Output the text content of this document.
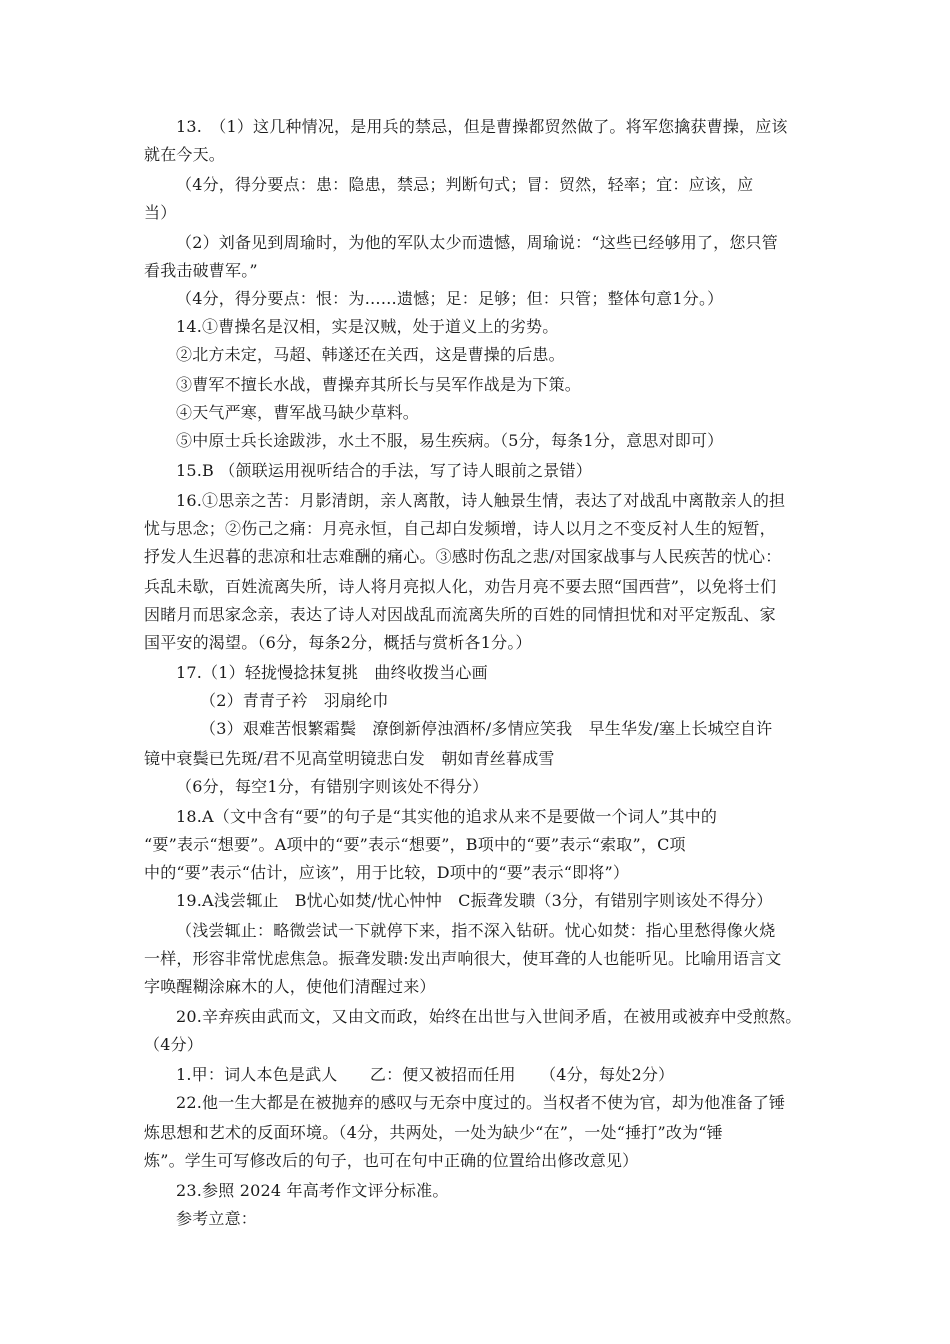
13.　（1）这几种情况，是用兵的禁忌，但是曹操都贸然做了。将军您擒获曹操，应该
就在今天。
（4分，得分要点：患：隐患，禁忌；判断句式；冒：贸然，轻率；宜：应该，应
当）
（2）刘备见到周瑜时，为他的军队太少而遗憾，周瑜说：“这些已经够用了，您只管
看我击破曹军。”
（4分，得分要点：恨：为……遗憾；足：足够；但：只管；整体句意1分。）
14.①曹操名是汉相，实是汉贼，处于道义上的劣势。
②北方未定，马超、韩遂还在关西，这是曹操的后患。
③曹军不擅长水战，曹操弃其所长与吴军作战是为下策。
④天气严寒，曹军战马缺少草料。
⑤中原士兵长途跋涉，水土不服，易生疾病。（5分，每条1分，意思对即可）
15.B （颌联运用视听结合的手法，写了诗人眼前之景错）
16.①思亲之苦：月影清朗，亲人离散，诗人触景生情，表达了对战乱中离散亲人的担
忧与思念；②伤己之痛：月亮永恒，自己却白发频增，诗人以月之不变反衬人生的短暂，
抒发人生迟暮的悲凉和壮志难酬的痛心。③感时伤乱之悲/对国家战事与人民疾苦的忧心：
兵乱未歇，百姓流离失所，诗人将月亮拟人化，劝告月亮不要去照“国西营”，以免将士们
因睹月而思家念亲，表达了诗人对因战乱而流离失所的百姓的同情担忧和对平定叛乱、家
国平安的渴望。（6分，每条2分，概括与赏析各1分。）
17.（1）轻拢慢捻抹复挑　曲终收拨当心画
（2）青青子衿　羽扇纶巾
（3）艰难苦恨繁霜鬓　潦倒新停浊酒杯/多情应笑我　早生华发/塞上长城空自许
镜中衰鬓已先斑/君不见高堂明镜悲白发　朝如青丝暮成雪
（6分，每空1分，有错别字则该处不得分）
18.A（文中含有“要”的句子是“其实他的追求从来不是要做一个词人”其中的
“要”表示“想要”。A项中的“要”表示“想要”，B项中的“要”表示“索取”，C项
中的“要”表示“估计，应该”，用于比较，D项中的“要”表示“即将”）
19.A浅尝辄止　B忧心如焚/忧心忡忡　C振聋发聩（3分，有错别字则该处不得分）
（浅尝辄止：略微尝试一下就停下来，指不深入钻研。忧心如焚：指心里愁得像火烧
一样，形容非常忧虑焦急。振聋发聩:发出声响很大，使耳聋的人也能听见。比喻用语言文
字唤醒糊涂麻木的人，使他们清醒过来）
20.辛弃疾由武而文，又由文而政，始终在出世与入世间矛盾，在被用或被弃中受煎熬。
（4分）
1.甲：词人本色是武人　　乙：便又被招而任用　　（4分，每处2分）
22.他一生大都是在被抛弃的感叹与无奈中度过的。当权者不使为官，却为他准备了锤
炼思想和艺术的反面环境。（4分，共两处，一处为缺少“在”，一处“捶打”改为“锤
炼”。学生可写修改后的句子，也可在句中正确的位置给出修改意见）
23.参照 2024 年高考作文评分标准。
参考立意：
